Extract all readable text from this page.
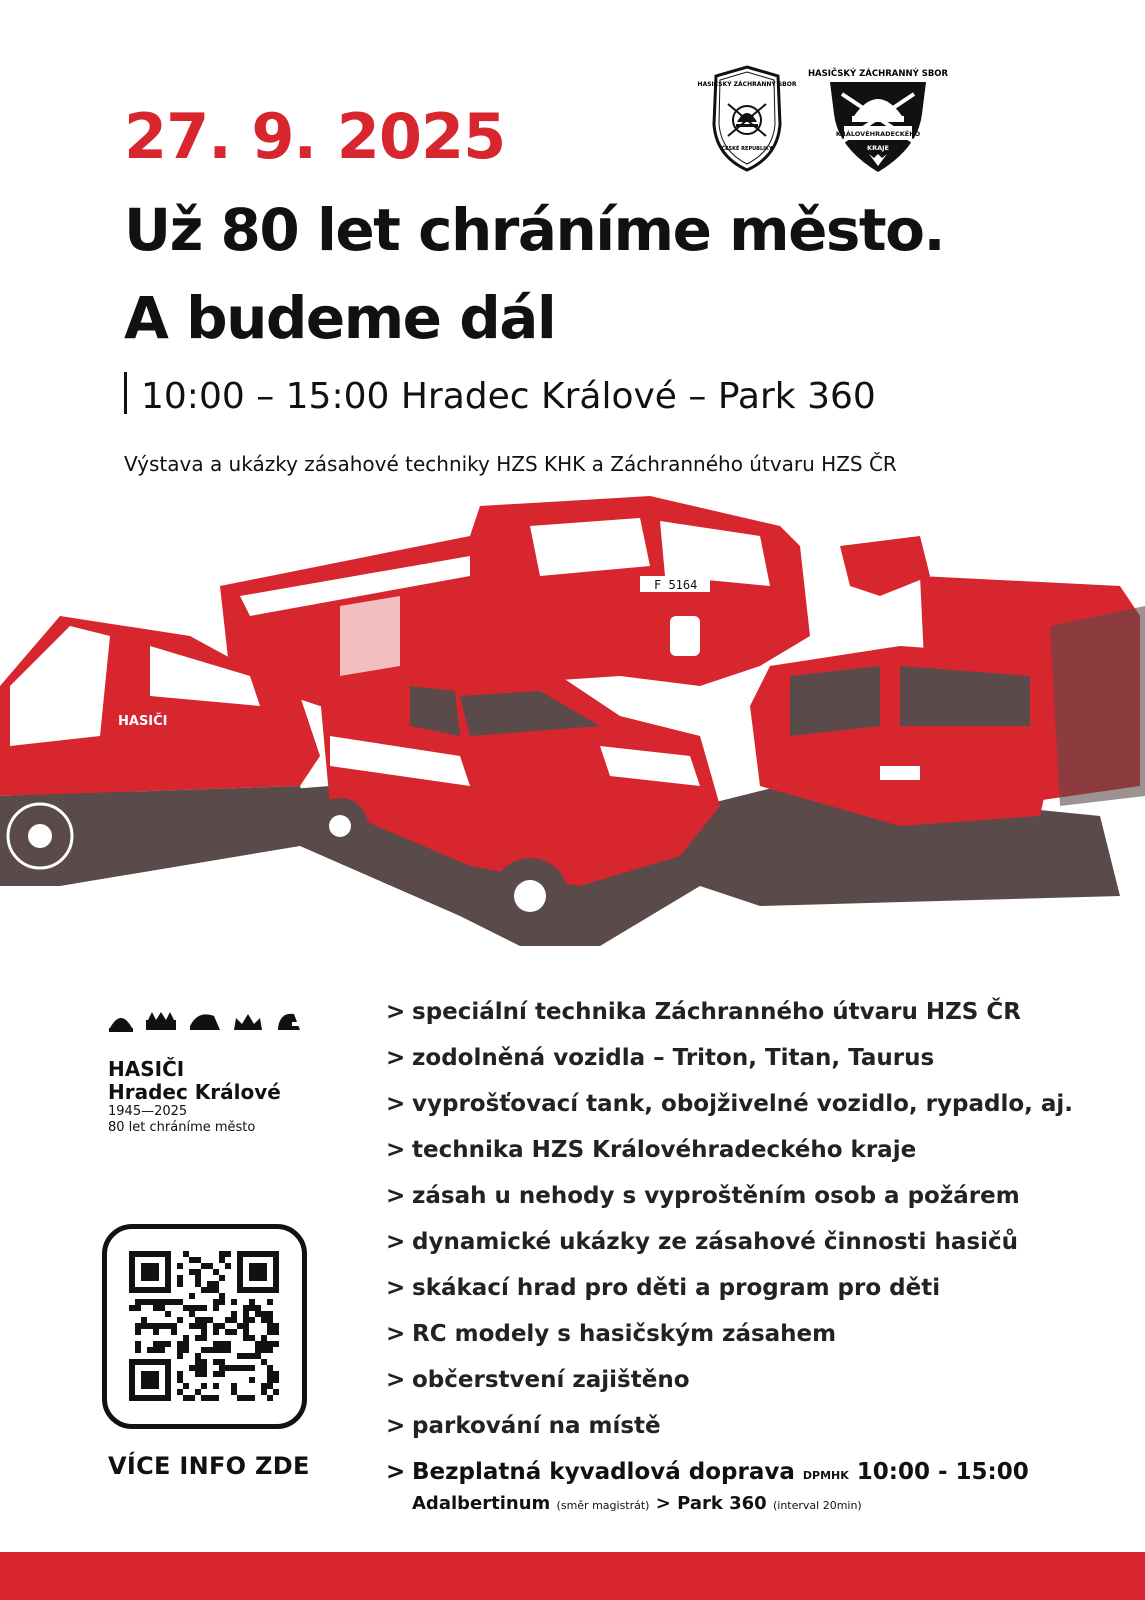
27. 9. 2025
Už 80 let chráníme město.
A budeme dál
10:00 – 15:00 Hradec Králové – Park 360
Výstava a ukázky zásahové techniky HZS KHK a Záchranného útvaru HZS ČR
HASIČSKÝ ZÁCHRANNÝ SBOR
ČESKÉ REPUBLIKY
HASIČSKÝ ZÁCHRANNÝ SBOR
KRÁLOVÉHRADECKÉHO
KRAJE
F 5164
HASIČI
HASIČI
Hradec Králové
1945—2025
80 let chráníme město
VÍCE INFO ZDE
> speciální technika Záchranného útvaru HZS ČR
> zodolněná vozidla – Triton, Titan, Taurus
> vyprošťovací tank, obojživelné vozidlo, rypadlo, aj.
> technika HZS Královéhradeckého kraje
> zásah u nehody s vyproštěním osob a požárem
> dynamické ukázky ze zásahové činnosti hasičů
> skákací hrad pro děti a program pro děti
> RC modely s hasičským zásahem
> občerstvení zajištěno
> parkování na místě
> Bezplatná kyvadlová doprava DPMHK 10:00 - 15:00
Adalbertinum (směr magistrát) > Park 360 (interval 20min)
